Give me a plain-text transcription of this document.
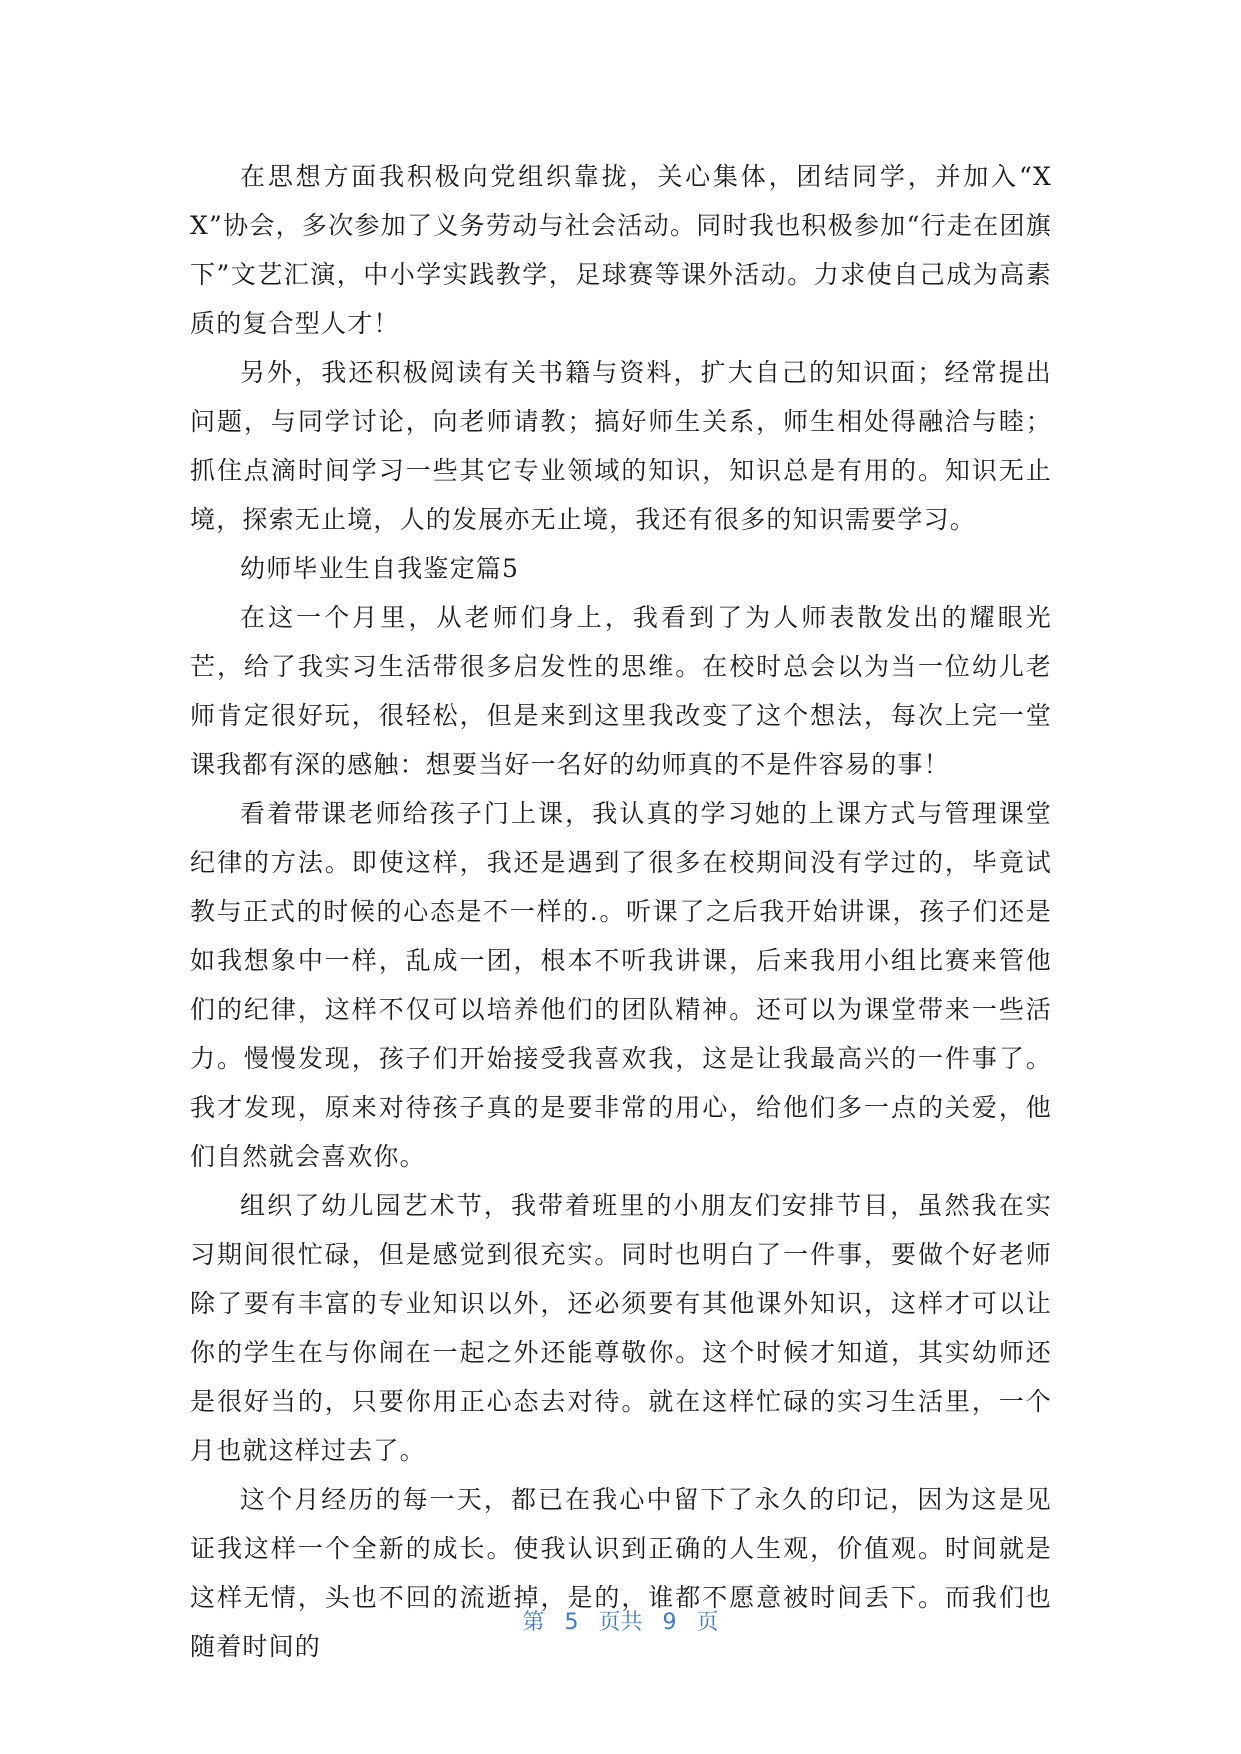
在思想方面我积极向党组织靠拢，关心集体，团结同学，并加入“XX”协会，多次参加了义务劳动与社会活动。同时我也积极参加“行走在团旗下”文艺汇演，中小学实践教学，足球赛等课外活动。力求使自己成为高素质的复合型人才！

另外，我还积极阅读有关书籍与资料，扩大自己的知识面；经常提出问题，与同学讨论，向老师请教；搞好师生关系，师生相处得融洽与睦；抓住点滴时间学习一些其它专业领域的知识，知识总是有用的。知识无止境，探索无止境，人的发展亦无止境，我还有很多的知识需要学习。

幼师毕业生自我鉴定篇5

在这一个月里，从老师们身上，我看到了为人师表散发出的耀眼光芒，给了我实习生活带很多启发性的思维。在校时总会以为当一位幼儿老师肯定很好玩，很轻松，但是来到这里我改变了这个想法，每次上完一堂课我都有深的感触：想要当好一名好的幼师真的不是件容易的事！

看着带课老师给孩子门上课，我认真的学习她的上课方式与管理课堂纪律的方法。即使这样，我还是遇到了很多在校期间没有学过的，毕竟试教与正式的时候的心态是不一样的.。听课了之后我开始讲课，孩子们还是如我想象中一样，乱成一团，根本不听我讲课，后来我用小组比赛来管他们的纪律，这样不仅可以培养他们的团队精神。还可以为课堂带来一些活力。慢慢发现，孩子们开始接受我喜欢我，这是让我最高兴的一件事了。我才发现，原来对待孩子真的是要非常的用心，给他们多一点的关爱，他们自然就会喜欢你。

组织了幼儿园艺术节，我带着班里的小朋友们安排节目，虽然我在实习期间很忙碌，但是感觉到很充实。同时也明白了一件事，要做个好老师除了要有丰富的专业知识以外，还必须要有其他课外知识，这样才可以让你的学生在与你闹在一起之外还能尊敬你。这个时候才知道，其实幼师还是很好当的，只要你用正心态去对待。就在这样忙碌的实习生活里，一个月也就这样过去了。

这个月经历的每一天，都已在我心中留下了永久的印记，因为这是见证我这样一个全新的成长。使我认识到正确的人生观，价值观。时间就是这样无情，头也不回的流逝掉，是的，谁都不愿意被时间丢下。而我们也随着时间的

第 5 页共 9 页
